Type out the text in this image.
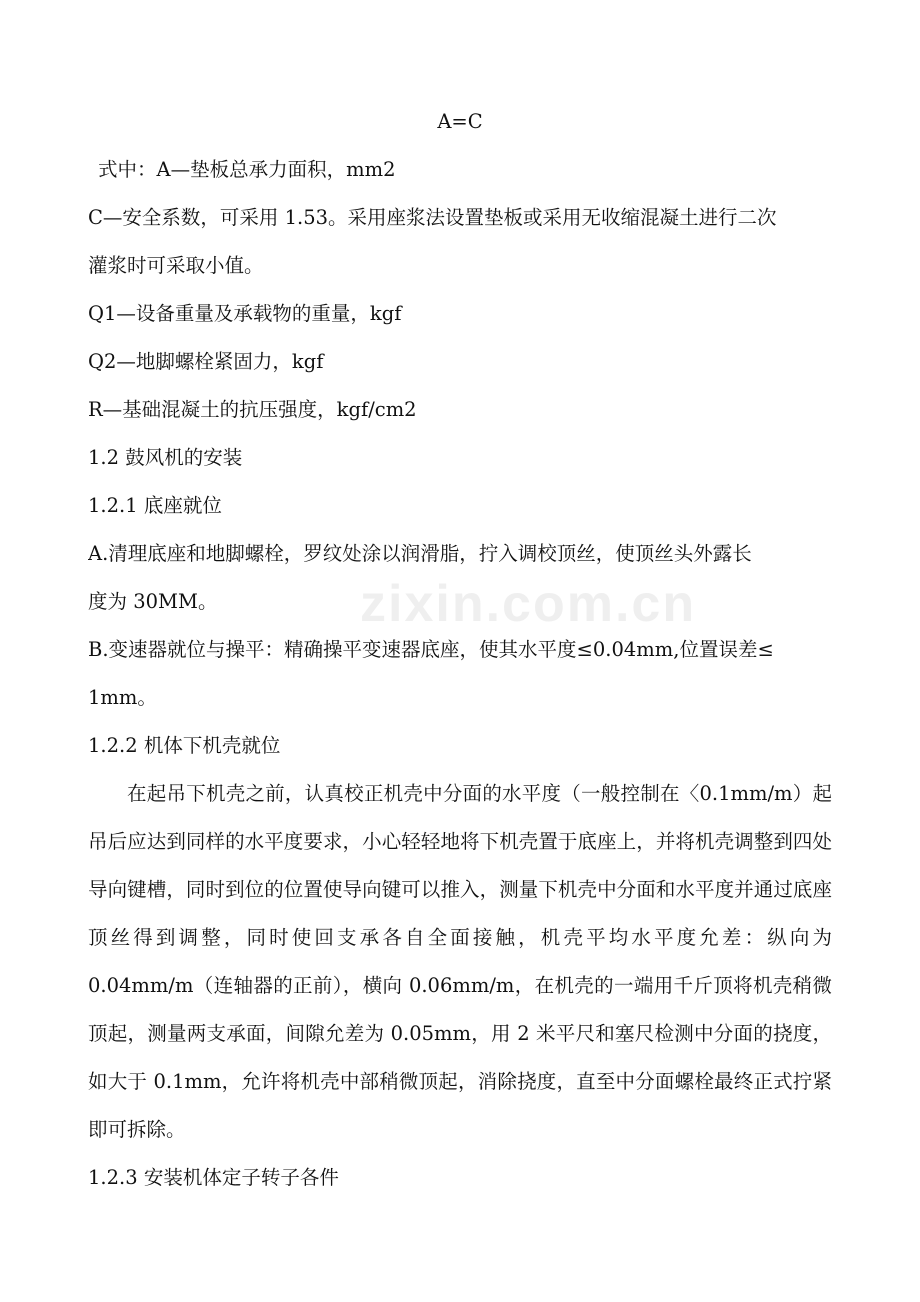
A=C
式中：A—垫板总承力面积，mm2
C—安全系数，可采用 1.53。采用座浆法设置垫板或采用无收缩混凝土进行二次
灌浆时可采取小值。
Q1—设备重量及承载物的重量，kgf
Q2—地脚螺栓紧固力，kgf
R—基础混凝土的抗压强度，kgf/cm2
1.2 鼓风机的安装
1.2.1 底座就位
A.清理底座和地脚螺栓，罗纹处涂以润滑脂，拧入调校顶丝，使顶丝头外露长
度为 30MM。
B.变速器就位与操平：精确操平变速器底座，使其水平度≤0.04mm,位置误差≤
1mm。
1.2.2 机体下机壳就位
在起吊下机壳之前，认真校正机壳中分面的水平度（一般控制在〈0.1mm/m）起吊后应达到同样的水平度要求，小心轻轻地将下机壳置于底座上，并将机壳调整到四处导向键槽，同时到位的位置使导向键可以推入，测量下机壳中分面和水平度并通过底座顶丝得到调整，同时使回支承各自全面接触，机壳平均水平度允差：纵向为 0.04mm/m（连轴器的正前），横向 0.06mm/m，在机壳的一端用千斤顶将机壳稍微顶起，测量两支承面，间隙允差为 0.05mm，用 2 米平尺和塞尺检测中分面的挠度，如大于 0.1mm，允许将机壳中部稍微顶起，消除挠度，直至中分面螺栓最终正式拧紧即可拆除。
1.2.3 安装机体定子转子各件
zixin.com.cn
